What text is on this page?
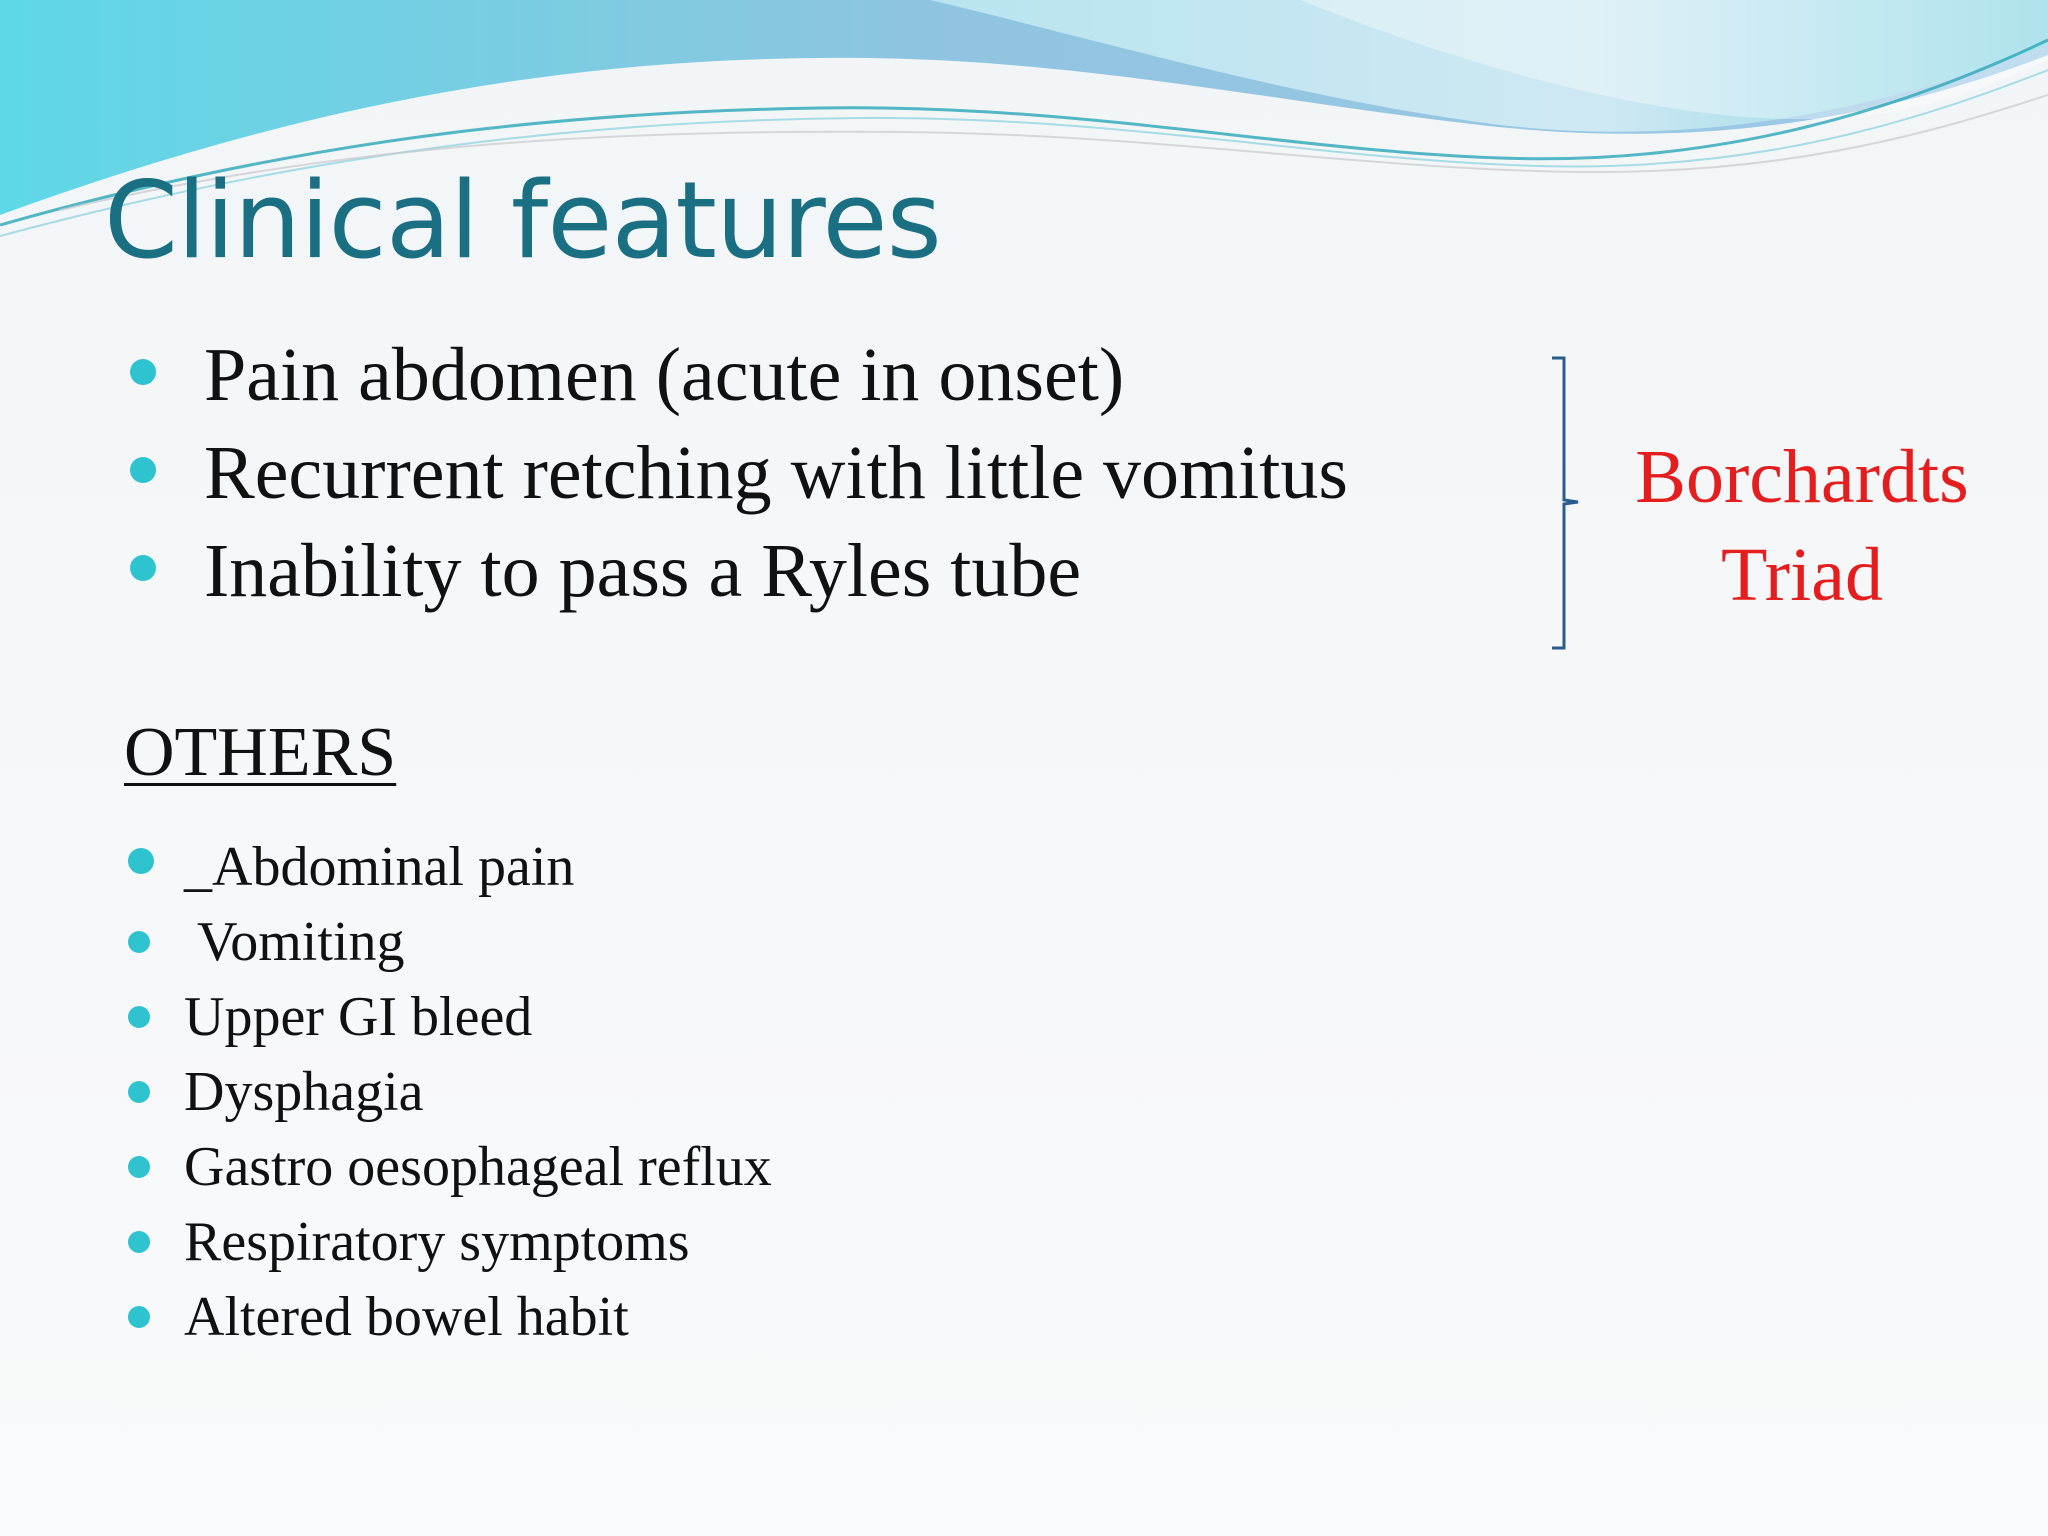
Clinical features
Pain abdomen (acute in onset)
Recurrent retching with little vomitus
Inability to pass a Ryles tube
Borchardts
Triad
OTHERS
_Abdominal pain
Vomiting
Upper GI bleed
Dysphagia
Gastro oesophageal reflux
Respiratory symptoms
Altered bowel habit
